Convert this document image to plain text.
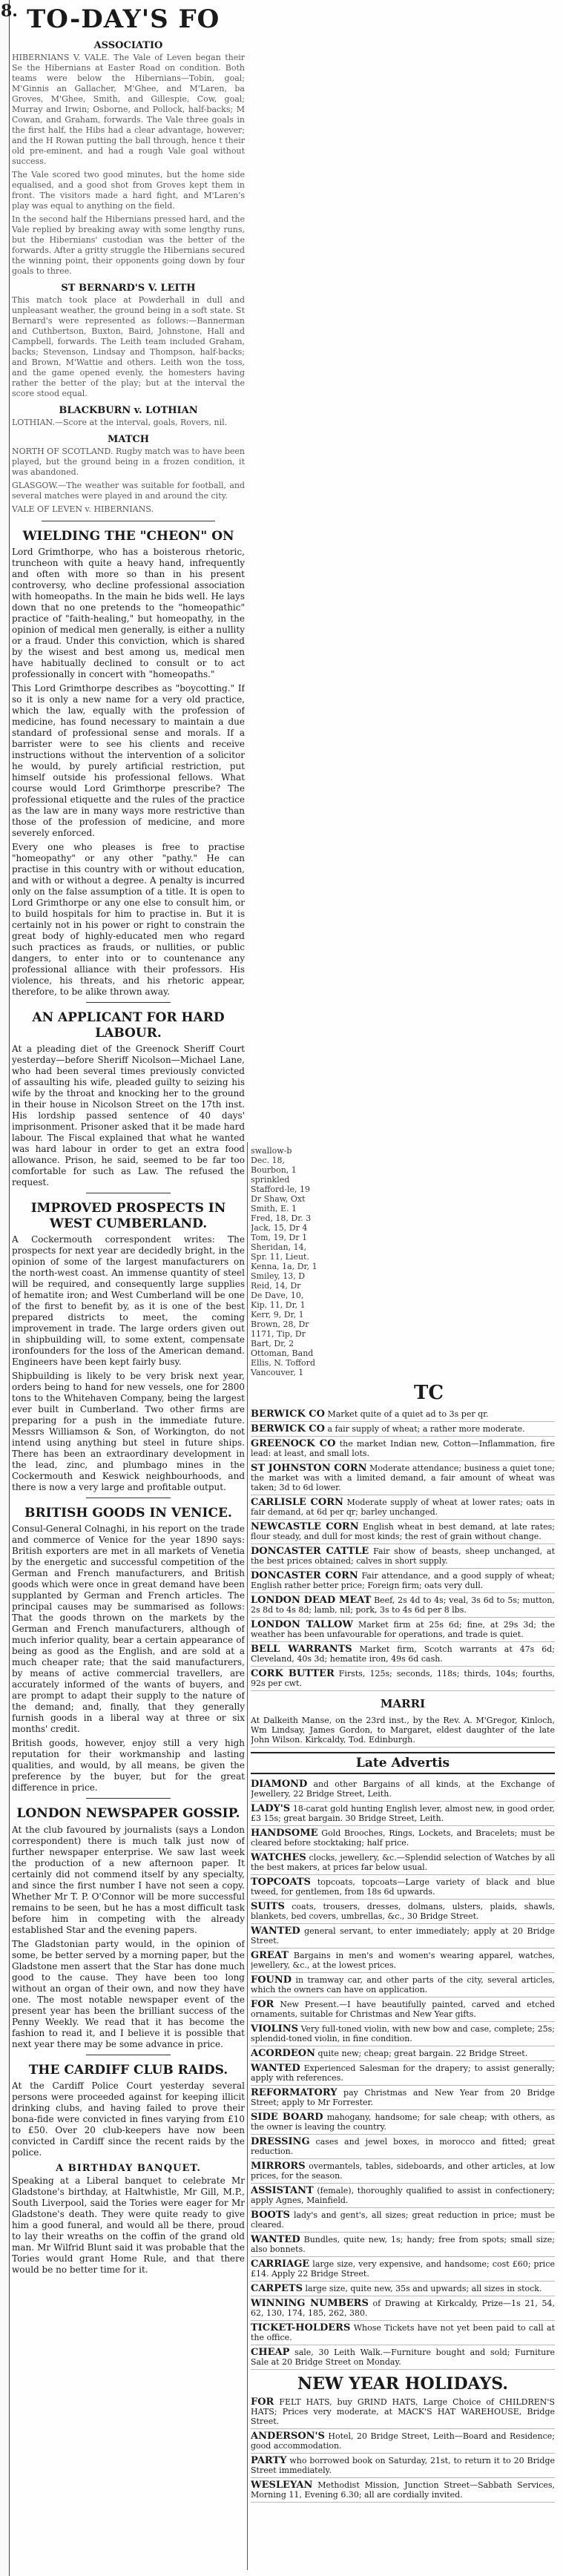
8. TO-DAY'S FO
ASSOCIATIO

HIBERNIANS V. VALE. The Vale of Leven began their Se the Hibernians at Easter Road on condition. Both teams were below the Hibernians—Tobin, goal; M'Ginnis an Gallacher, M'Ghee, and M'Laren, ba Groves, M'Ghee, Smith, and Gillespie, Cow, goal; Murray and Irwin; Osborne, and Pollock, half-backs; M Cowan, and Graham, forwards. The Vale three goals in the first half, the Hibs had a clear advantage, however; and the H Rowan putting the ball through, hence t their old pre-eminent, and had a rough Vale goal without success.

The Vale scored two good minutes, but the home side equalised, and a good shot from Groves kept them in front. The visitors made a hard fight, and M'Laren's play was equal to anything on the field.

In the second half the Hibernians pressed hard, and the Vale replied by breaking away with some lengthy runs, but the Hibernians' custodian was the better of the forwards. After a gritty struggle the Hibernians secured the winning point, their opponents going down by four goals to three.

ST BERNARD'S V. LEITH

This match took place at Powderhall in dull and unpleasant weather, the ground being in a soft state. St Bernard's were represented as follows:—Bannerman and Cuthbertson, Buxton, Baird, Johnstone, Hall and Campbell, forwards. The Leith team included Graham, backs; Stevenson, Lindsay and Thompson, half-backs; and Brown, M'Wattie and others. Leith won the toss, and the game opened evenly, the homesters having rather the better of the play; but at the interval the score stood equal.

BLACKBURN v. LOTHIAN

LOTHIAN.—Score at the interval, goals, Rovers, nil.

MATCH

NORTH OF SCOTLAND. Rugby match was to have been played, but the ground being in a frozen condition, it was abandoned.

GLASGOW.—The weather was suitable for football, and several matches were played in and around the city.

VALE OF LEVEN v. HIBERNIANS.

WIELDING THE "CHEON" ON

Lord Grimthorpe, who has a boisterous rhetoric, truncheon with quite a heavy hand, infrequently and often with more so than in his present controversy, who decline professional association with homeopaths. In the main he bids well. He lays down that no one pretends to the "homeopathic" practice of "faith-healing," but homeopathy, in the opinion of medical men generally, is either a nullity or a fraud. Under this conviction, which is shared by the wisest and best among us, medical men have habitually declined to consult or to act professionally in concert with "homeopaths."

This Lord Grimthorpe describes as "boycotting." If so it is only a new name for a very old practice, which the law, equally with the profession of medicine, has found necessary to maintain a due standard of professional sense and morals. If a barrister were to see his clients and receive instructions without the intervention of a solicitor he would, by purely artificial restriction, put himself outside his professional fellows. What course would Lord Grimthorpe prescribe? The professional etiquette and the rules of the practice as the law are in many ways more restrictive than those of the profession of medicine, and more severely enforced.

Every one who pleases is free to practise "homeopathy" or any other "pathy." He can practise in this country with or without education, and with or without a degree. A penalty is incurred only on the false assumption of a title. It is open to Lord Grimthorpe or any one else to consult him, or to build hospitals for him to practise in. But it is certainly not in his power or right to constrain the great body of highly-educated men who regard such practices as frauds, or nullities, or public dangers, to enter into or to countenance any professional alliance with their professors. His violence, his threats, and his rhetoric appear, therefore, to be alike thrown away.

AN APPLICANT FOR HARD LABOUR.

At a pleading diet of the Greenock Sheriff Court yesterday—before Sheriff Nicolson—Michael Lane, who had been several times previously convicted of assaulting his wife, pleaded guilty to seizing his wife by the throat and knocking her to the ground in their house in Nicolson Street on the 17th inst. His lordship passed sentence of 40 days' imprisonment. Prisoner asked that it be made hard labour. The Fiscal explained that what he wanted was hard labour in order to get an extra food allowance. Prison, he said, seemed to be far too comfortable for such as Law. The refused the request.

IMPROVED PROSPECTS IN WEST CUMBERLAND.

A Cockermouth correspondent writes: The prospects for next year are decidedly bright, in the opinion of some of the largest manufacturers on the north-west coast. An immense quantity of steel will be required, and consequently large supplies of hematite iron; and West Cumberland will be one of the first to benefit by, as it is one of the best prepared districts to meet, the coming improvement in trade. The large orders given out in shipbuilding will, to some extent, compensate ironfounders for the loss of the American demand. Engineers have been kept fairly busy.

Shipbuilding is likely to be very brisk next year, orders being to hand for new vessels, one for 2800 tons to the Whitehaven Company, being the largest ever built in Cumberland. Two other firms are preparing for a push in the immediate future. Messrs Williamson & Son, of Workington, do not intend using anything but steel in future ships. There has been an extraordinary development in the lead, zinc, and plumbago mines in the Cockermouth and Keswick neighbourhoods, and there is now a very large and profitable output.

BRITISH GOODS IN VENICE.

Consul-General Colnaghi, in his report on the trade and commerce of Venice for the year 1890 says: British exporters are met in all markets of Venetia by the energetic and successful competition of the German and French manufacturers, and British goods which were once in great demand have been supplanted by German and French articles. The principal causes may be summarised as follows: That the goods thrown on the markets by the German and French manufacturers, although of much inferior quality, bear a certain appearance of being as good as the English, and are sold at a much cheaper rate; that the said manufacturers, by means of active commercial travellers, are accurately informed of the wants of buyers, and are prompt to adapt their supply to the nature of the demand; and, finally, that they generally furnish goods in a liberal way at three or six months' credit.

British goods, however, enjoy still a very high reputation for their workmanship and lasting qualities, and would, by all means, be given the preference by the buyer, but for the great difference in price.

LONDON NEWSPAPER GOSSIP.

At the club favoured by journalists (says a London correspondent) there is much talk just now of further newspaper enterprise. We saw last week the production of a new afternoon paper. It certainly did not commend itself by any specialty, and since the first number I have not seen a copy. Whether Mr T. P. O'Connor will be more successful remains to be seen, but he has a most difficult task before him in competing with the already established Star and the evening papers.

The Gladstonian party would, in the opinion of some, be better served by a morning paper, but the Gladstone men assert that the Star has done much good to the cause. They have been too long without an organ of their own, and now they have one. The most notable newspaper event of the present year has been the brilliant success of the Penny Weekly. We read that it has become the fashion to read it, and I believe it is possible that next year there may be some advance in price.

THE CARDIFF CLUB RAIDS.

At the Cardiff Police Court yesterday several persons were proceeded against for keeping illicit drinking clubs, and having failed to prove their bona-fide were convicted in fines varying from £10 to £50. Over 20 club-keepers have now been convicted in Cardiff since the recent raids by the police.

A BIRTHDAY BANQUET.

Speaking at a Liberal banquet to celebrate Mr Gladstone's birthday, at Haltwhistle, Mr Gill, M.P., South Liverpool, said the Tories were eager for Mr Gladstone's death. They were quite ready to give him a good funeral, and would all be there, proud to lay their wreaths on the coffin of the grand old man. Mr Wilfrid Blunt said it was probable that the Tories would grant Home Rule, and that there would be no better time for it.

swallow-b
Dec. 18,
Bourbon, 1
sprinkled
Stafford-le, 19
Dr Shaw, Oxt
Smith, E. 1
Fred, 18, Dr. 3
Jack, 15, Dr 4
Tom, 19, Dr 1
Sheridan, 14,
Spr. 11, Lieut.
Kenna, 1a, Dr, 1
Smiley, 13, D
Reid, 14, Dr
De Dave, 10,
Kip, 11, Dr, 1
Kerr, 9, Dr, 1
Brown, 28, Dr
1171, Tip, Dr
Bart, Dr, 2
Ottoman, Band
Ellis, N. Tofford
Vancouver, 1
TC

BERWICK CO Market quite of a quiet ad to 3s per qr.

BERWICK CO a fair supply of wheat; a rather more moderate.

GREENOCK CO the market Indian new, Cotton—Inflammation, fire lead: at least, and small lots.

ST JOHNSTON CORN Moderate attendance; business a quiet tone; the market was with a limited demand, a fair amount of wheat was taken; 3d to 6d lower.

CARLISLE CORN Moderate supply of wheat at lower rates; oats in fair demand, at 6d per qr; barley unchanged.

NEWCASTLE CORN English wheat in best demand, at late rates; flour steady, and dull for most kinds; the rest of grain without change.

DONCASTER CATTLE Fair show of beasts, sheep unchanged, at the best prices obtained; calves in short supply.

DONCASTER CORN Fair attendance, and a good supply of wheat; English rather better price; Foreign firm; oats very dull.

LONDON DEAD MEAT Beef, 2s 4d to 4s; veal, 3s 6d to 5s; mutton, 2s 8d to 4s 8d; lamb, nil; pork, 3s to 4s 6d per 8 lbs.

LONDON TALLOW Market firm at 25s 6d; fine, at 29s 3d; the weather has been unfavourable for operations, and trade is quiet.

BELL WARRANTS Market firm, Scotch warrants at 47s 6d; Cleveland, 40s 3d; hematite iron, 49s 6d cash.

CORK BUTTER Firsts, 125s; seconds, 118s; thirds, 104s; fourths, 92s per cwt.

MARRI

At Dalkeith Manse, on the 23rd inst., by the Rev. A. M'Gregor, Kinloch, Wm Lindsay, James Gordon, to Margaret, eldest daughter of the late John Wilson. Kirkcaldy, Tod. Edinburgh.

Late Advertis

DIAMOND and other Bargains of all kinds, at the Exchange of Jewellery, 22 Bridge Street, Leith.

LADY'S 18-carat gold hunting English lever, almost new, in good order, £3 15s; great bargain. 30 Bridge Street, Leith.

HANDSOME Gold Brooches, Rings, Lockets, and Bracelets; must be cleared before stocktaking; half price.

WATCHES clocks, jewellery, &c.—Splendid selection of Watches by all the best makers, at prices far below usual.

TOPCOATS topcoats, topcoats—Large variety of black and blue tweed, for gentlemen, from 18s 6d upwards.

SUITS coats, trousers, dresses, dolmans, ulsters, plaids, shawls, blankets, bed covers, umbrellas, &c., 30 Bridge Street.

WANTED general servant, to enter immediately; apply at 20 Bridge Street.

GREAT Bargains in men's and women's wearing apparel, watches, jewellery, &c., at the lowest prices.

FOUND in tramway car, and other parts of the city, several articles, which the owners can have on application.

FOR New Present.—I have beautifully painted, carved and etched ornaments, suitable for Christmas and New Year gifts.

VIOLINS Very full-toned violin, with new bow and case, complete; 25s; splendid-toned violin, in fine condition.

ACORDEON quite new; cheap; great bargain. 22 Bridge Street.

WANTED Experienced Salesman for the drapery; to assist generally; apply with references.

REFORMATORY pay Christmas and New Year from 20 Bridge Street; apply to Mr Forrester.

SIDE BOARD mahogany, handsome; for sale cheap; with others, as the owner is leaving the country.

DRESSING cases and jewel boxes, in morocco and fitted; great reduction.

MIRRORS overmantels, tables, sideboards, and other articles, at low prices, for the season.

ASSISTANT (female), thoroughly qualified to assist in confectionery; apply Agnes, Mainfield.

BOOTS lady's and gent's, all sizes; great reduction in price; must be cleared.

WANTED Bundles, quite new, 1s; handy; free from spots; small size; also bonnets.

CARRIAGE large size, very expensive, and handsome; cost £60; price £14. Apply 22 Bridge Street.

CARPETS large size, quite new, 35s and upwards; all sizes in stock.

WINNING NUMBERS of Drawing at Kirkcaldy, Prize—1s 21, 54, 62, 130, 174, 185, 262, 380.

TICKET-HOLDERS Whose Tickets have not yet been paid to call at the office.

CHEAP sale, 30 Leith Walk.—Furniture bought and sold; Furniture Sale at 20 Bridge Street on Monday.

NEW YEAR HOLIDAYS.

FOR FELT HATS, buy GRIND HATS, Large Choice of CHILDREN'S HATS; Prices very moderate, at MACK'S HAT WAREHOUSE, Bridge Street.

ANDERSON'S Hotel, 20 Bridge Street, Leith—Board and Residence; good accommodation.

PARTY who borrowed book on Saturday, 21st, to return it to 20 Bridge Street immediately.

WESLEYAN Methodist Mission, Junction Street—Sabbath Services, Morning 11, Evening 6.30; all are cordially invited.
